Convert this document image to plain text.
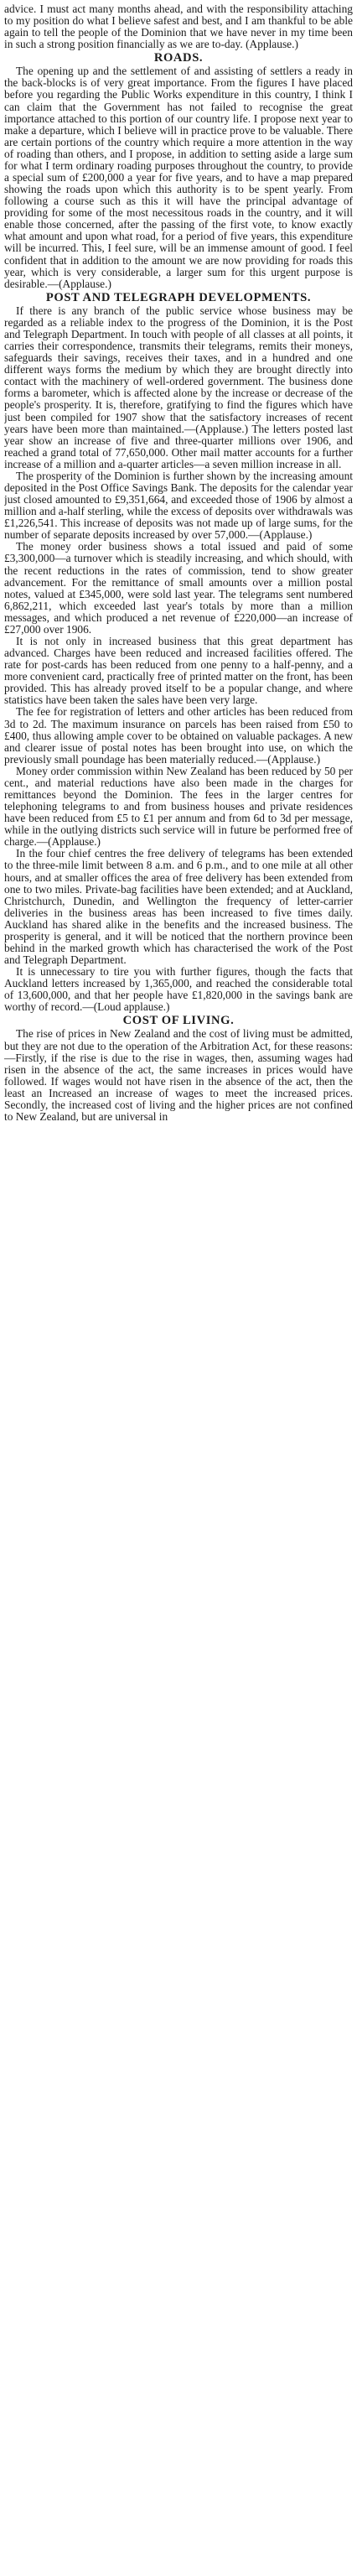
advice. I must act many months ahead, and with the responsibility attaching to my position do what I believe safest and best, and I am thankful to be able again to tell the people of the Dominion that we have never in my time been in such a strong position financially as we are to-day. (Applause.)

ROADS.

The opening up and the settlement of and assisting of settlers a ready in the back-blocks is of very great importance. From the figures I have placed before you regarding the Public Works expenditure in this country, I think I can claim that the Government has not failed to recognise the great importance attached to this portion of our country life. I propose next year to make a departure, which I believe will in practice prove to be valuable. There are certain portions of the country which require a more attention in the way of roading than others, and I propose, in addition to setting aside a large sum for what I term ordinary roading purposes throughout the country, to provide a special sum of £200,000 a year for five years, and to have a map prepared showing the roads upon which this authority is to be spent yearly. From following a course such as this it will have the principal advantage of providing for some of the most necessitous roads in the country, and it will enable those concerned, after the passing of the first vote, to know exactly what amount and upon what road, for a period of five years, this expenditure will be incurred. This, I feel sure, will be an immense amount of good. I feel confident that in addition to the amount we are now providing for roads this year, which is very considerable, a larger sum for this urgent purpose is desirable.—(Applause.)

POST AND TELEGRAPH DEVELOPMENTS.

If there is any branch of the public service whose business may be regarded as a reliable index to the progress of the Dominion, it is the Post and Telegraph Department. In touch with people of all classes at all points, it carries their correspondence, transmits their telegrams, remits their moneys, safeguards their savings, receives their taxes, and in a hundred and one different ways forms the medium by which they are brought directly into contact with the machinery of well-ordered government. The business done forms a barometer, which is affected alone by the increase or decrease of the people's prosperity. It is, therefore, gratifying to find the figures which have just been compiled for 1907 show that the satisfactory increases of recent years have been more than maintained.—(Applause.) The letters posted last year show an increase of five and three-quarter millions over 1906, and reached a grand total of 77,650,000. Other mail matter accounts for a further increase of a million and a-quarter articles—a seven million increase in all.

The prosperity of the Dominion is further shown by the increasing amount deposited in the Post Office Savings Bank. The deposits for the calendar year just closed amounted to £9,351,664, and exceeded those of 1906 by almost a million and a-half sterling, while the excess of deposits over withdrawals was £1,226,541. This increase of deposits was not made up of large sums, for the number of separate deposits increased by over 57,000.—(Applause.)

The money order business shows a total issued and paid of some £3,300,000—a turnover which is steadily increasing, and which should, with the recent reductions in the rates of commission, tend to show greater advancement. For the remittance of small amounts over a million postal notes, valued at £345,000, were sold last year. The telegrams sent numbered 6,862,211, which exceeded last year's totals by more than a million messages, and which produced a net revenue of £220,000—an increase of £27,000 over 1906.

It is not only in increased business that this great department has advanced. Charges have been reduced and increased facilities offered. The rate for post-cards has been reduced from one penny to a half-penny, and a more convenient card, practically free of printed matter on the front, has been provided. This has already proved itself to be a popular change, and where statistics have been taken the sales have been very large.

The fee for registration of letters and other articles has been reduced from 3d to 2d. The maximum insurance on parcels has been raised from £50 to £400, thus allowing ample cover to be obtained on valuable packages. A new and clearer issue of postal notes has been brought into use, on which the previously small poundage has been materially reduced.—(Applause.)

Money order commission within New Zealand has been reduced by 50 per cent., and material reductions have also been made in the charges for remittances beyond the Dominion. The fees in the larger centres for telephoning telegrams to and from business houses and private residences have been reduced from £5 to £1 per annum and from 6d to 3d per message, while in the outlying districts such service will in future be performed free of charge.—(Applause.)

In the four chief centres the free delivery of telegrams has been extended to the three-mile limit between 8 a.m. and 6 p.m., and to one mile at all other hours, and at smaller offices the area of free delivery has been extended from one to two miles. Private-bag facilities have been extended; and at Auckland, Christchurch, Dunedin, and Wellington the frequency of letter-carrier deliveries in the business areas has been increased to five times daily. Auckland has shared alike in the benefits and the increased business. The prosperity is general, and it will be noticed that the northern province been behind in the marked growth which has characterised the work of the Post and Telegraph Department.

It is unnecessary to tire you with further figures, though the facts that Auckland letters increased by 1,365,000, and reached the considerable total of 13,600,000, and that her people have £1,820,000 in the savings bank are worthy of record.—(Loud applause.)

COST OF LIVING.

The rise of prices in New Zealand and the cost of living must be admitted, but they are not due to the operation of the Arbitration Act, for these reasons:—Firstly, if the rise is due to the rise in wages, then, assuming wages had risen in the absence of the act, the same increases in prices would have followed. If wages would not have risen in the absence of the act, then the least an Increased an increase of wages to meet the increased prices. Secondly, the increased cost of living and the higher prices are not confined to New Zealand, but are universal in
